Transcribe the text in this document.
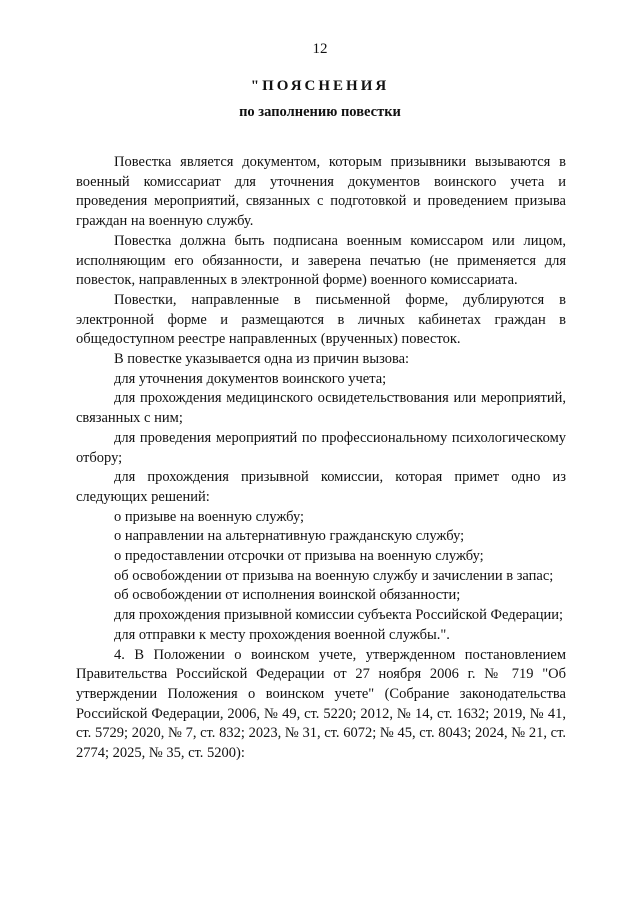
12
"ПОЯСНЕНИЯ
по заполнению повестки

Повестка является документом, которым призывники вызываются в военный комиссариат для уточнения документов воинского учета и проведения мероприятий, связанных с подготовкой и проведением призыва граждан на военную службу.

Повестка должна быть подписана военным комиссаром или лицом, исполняющим его обязанности, и заверена печатью (не применяется для повесток, направленных в электронной форме) военного комиссариата.

Повестки, направленные в письменной форме, дублируются в электронной форме и размещаются в личных кабинетах граждан в общедоступном реестре направленных (врученных) повесток.

В повестке указывается одна из причин вызова:

для уточнения документов воинского учета;

для прохождения медицинского освидетельствования или мероприятий, связанных с ним;

для проведения мероприятий по профессиональному психологическому отбору;

для прохождения призывной комиссии, которая примет одно из следующих решений:

о призыве на военную службу;

о направлении на альтернативную гражданскую службу;

о предоставлении отсрочки от призыва на военную службу;

об освобождении от призыва на военную службу и зачислении в запас;

об освобождении от исполнения воинской обязанности;

для прохождения призывной комиссии субъекта Российской Федерации;

для отправки к месту прохождения военной службы.".

4. В Положении о воинском учете, утвержденном постановлением Правительства Российской Федерации от 27 ноября 2006 г. № 719 "Об утверждении Положения о воинском учете" (Собрание законодательства Российской Федерации, 2006, № 49, ст. 5220; 2012, № 14, ст. 1632; 2019, № 41, ст. 5729; 2020, № 7, ст. 832; 2023, № 31, ст. 6072; № 45, ст. 8043; 2024, № 21, ст. 2774; 2025, № 35, ст. 5200):
